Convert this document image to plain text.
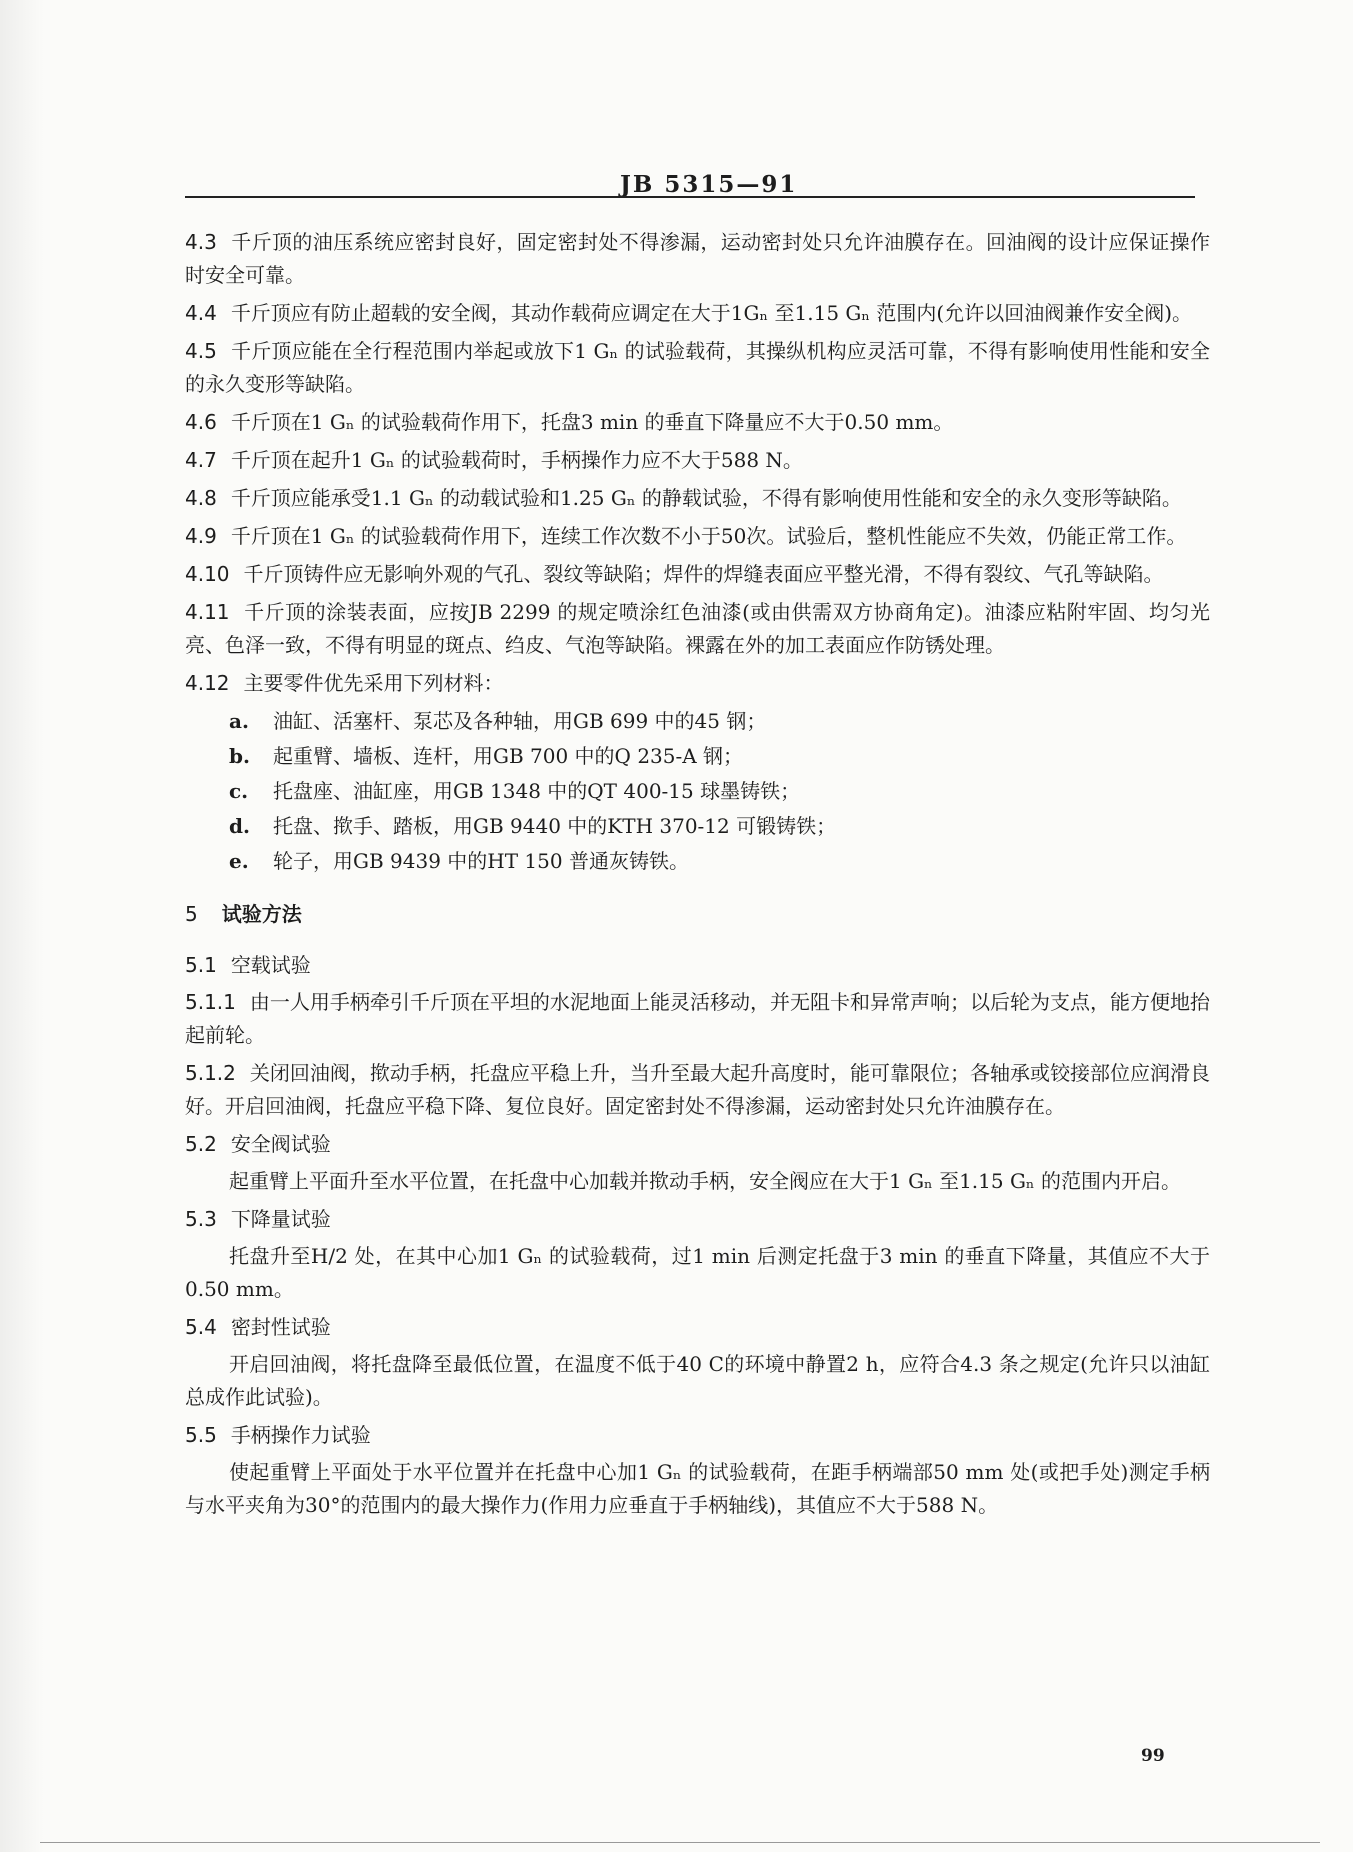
JB 5315—91

4.3 千斤顶的油压系统应密封良好，固定密封处不得渗漏，运动密封处只允许油膜存在。回油阀的设计应保证操作时安全可靠。

4.4 千斤顶应有防止超载的安全阀，其动作载荷应调定在大于1Gₙ 至1.15 Gₙ 范围内(允许以回油阀兼作安全阀)。

4.5 千斤顶应能在全行程范围内举起或放下1 Gₙ 的试验载荷，其操纵机构应灵活可靠，不得有影响使用性能和安全的永久变形等缺陷。

4.6 千斤顶在1 Gₙ 的试验载荷作用下，托盘3 min 的垂直下降量应不大于0.50 mm。

4.7 千斤顶在起升1 Gₙ 的试验载荷时，手柄操作力应不大于588 N。

4.8 千斤顶应能承受1.1 Gₙ 的动载试验和1.25 Gₙ 的静载试验，不得有影响使用性能和安全的永久变形等缺陷。

4.9 千斤顶在1 Gₙ 的试验载荷作用下，连续工作次数不小于50次。试验后，整机性能应不失效，仍能正常工作。

4.10 千斤顶铸件应无影响外观的气孔、裂纹等缺陷；焊件的焊缝表面应平整光滑，不得有裂纹、气孔等缺陷。

4.11 千斤顶的涂装表面，应按JB 2299 的规定喷涂红色油漆(或由供需双方协商角定)。油漆应粘附牢固、均匀光亮、色泽一致，不得有明显的斑点、绉皮、气泡等缺陷。裸露在外的加工表面应作防锈处理。

4.12 主要零件优先采用下列材料：

a. 油缸、活塞杆、泵芯及各种轴，用GB 699 中的45 钢；
b. 起重臂、墙板、连杆，用GB 700 中的Q 235-A 钢；
c. 托盘座、油缸座，用GB 1348 中的QT 400-15 球墨铸铁；
d. 托盘、揿手、踏板，用GB 9440 中的KTH 370-12 可锻铸铁；
e. 轮子，用GB 9439 中的HT 150 普通灰铸铁。

5 试验方法

5.1 空载试验

5.1.1 由一人用手柄牵引千斤顶在平坦的水泥地面上能灵活移动，并无阻卡和异常声响；以后轮为支点，能方便地抬起前轮。

5.1.2 关闭回油阀，揿动手柄，托盘应平稳上升，当升至最大起升高度时，能可靠限位；各轴承或铰接部位应润滑良好。开启回油阀，托盘应平稳下降、复位良好。固定密封处不得渗漏，运动密封处只允许油膜存在。

5.2 安全阀试验

起重臂上平面升至水平位置，在托盘中心加载并揿动手柄，安全阀应在大于1 Gₙ 至1.15 Gₙ 的范围内开启。

5.3 下降量试验

托盘升至H/2 处，在其中心加1 Gₙ 的试验载荷，过1 min 后测定托盘于3 min 的垂直下降量，其值应不大于0.50 mm。

5.4 密封性试验

开启回油阀，将托盘降至最低位置，在温度不低于40 C的环境中静置2 h，应符合4.3 条之规定(允许只以油缸总成作此试验)。

5.5 手柄操作力试验

使起重臂上平面处于水平位置并在托盘中心加1 Gₙ 的试验载荷，在距手柄端部50 mm 处(或把手处)测定手柄与水平夹角为30°的范围内的最大操作力(作用力应垂直于手柄轴线)，其值应不大于588 N。

99
